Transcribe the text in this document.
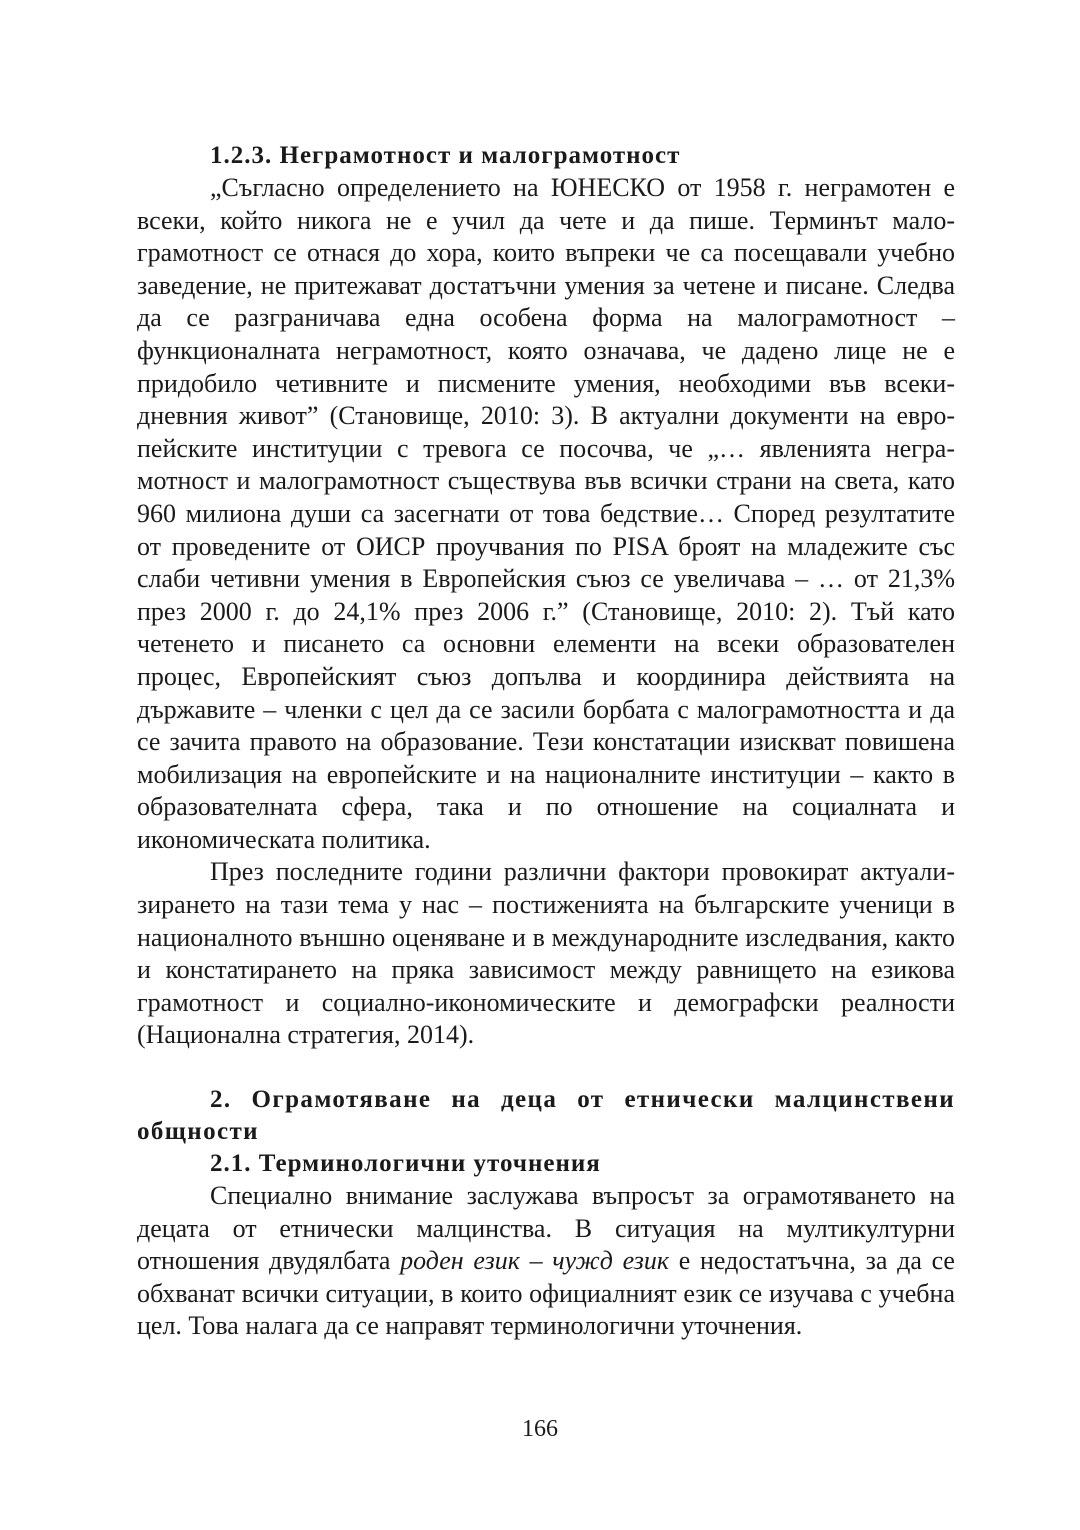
1.2.3. Неграмотност и малограмотност

„Съгласно определението на ЮНЕСКО от 1958 г. неграмотен е всеки, който никога не е учил да чете и да пише. Терминът малограмотност се отнася до хора, които въпреки че са посещавали учебно заведение, не притежават достатъчни умения за четене и писане. Следва да се разграничава една особена форма на малограмотност – функционалната неграмотност, която означава, че дадено лице не е придобило четивните и писмените умения, необходими във всекидневния живот” (Становище, 2010: 3). В актуални документи на европейските институции с тревога се посочва, че „… явленията неграмотност и малограмотност съществува във всички страни на света, като 960 милиона души са засегнати от това бедствие… Според резултатите от проведените от ОИСР проучвания по PISA броят на младежите със слаби четивни умения в Европейския съюз се увеличава – … от 21,3% през 2000 г. до 24,1% през 2006 г.” (Становище, 2010: 2). Тъй като четенето и писането са основни елементи на всеки образователен процес, Европейският съюз допълва и координира действията на държавите – членки с цел да се засили борбата с малограмотността и да се зачита правото на образование. Тези констатации изискват повишена мобилизация на европейските и на националните институции – както в образователната сфера, така и по отношение на социалната и икономическата политика.

През последните години различни фактори провокират актуализирането на тази тема у нас – постиженията на българските ученици в националното външно оценяване и в международните изследвания, както и констатирането на пряка зависимост между равнището на езикова грамотност и социално-икономическите и демографски реалности (Национална стратегия, 2014).

2. Ограмотяване на деца от етнически малцинствени общности
2.1. Терминологични уточнения

Специално внимание заслужава въпросът за ограмотяването на децата от етнически малцинства. В ситуация на мултикултурни отношения двудялбата роден език – чужд език е недостатъчна, за да се обхванат всички ситуации, в които официалният език се изучава с учебна цел. Това налага да се направят терминологични уточнения.

166
